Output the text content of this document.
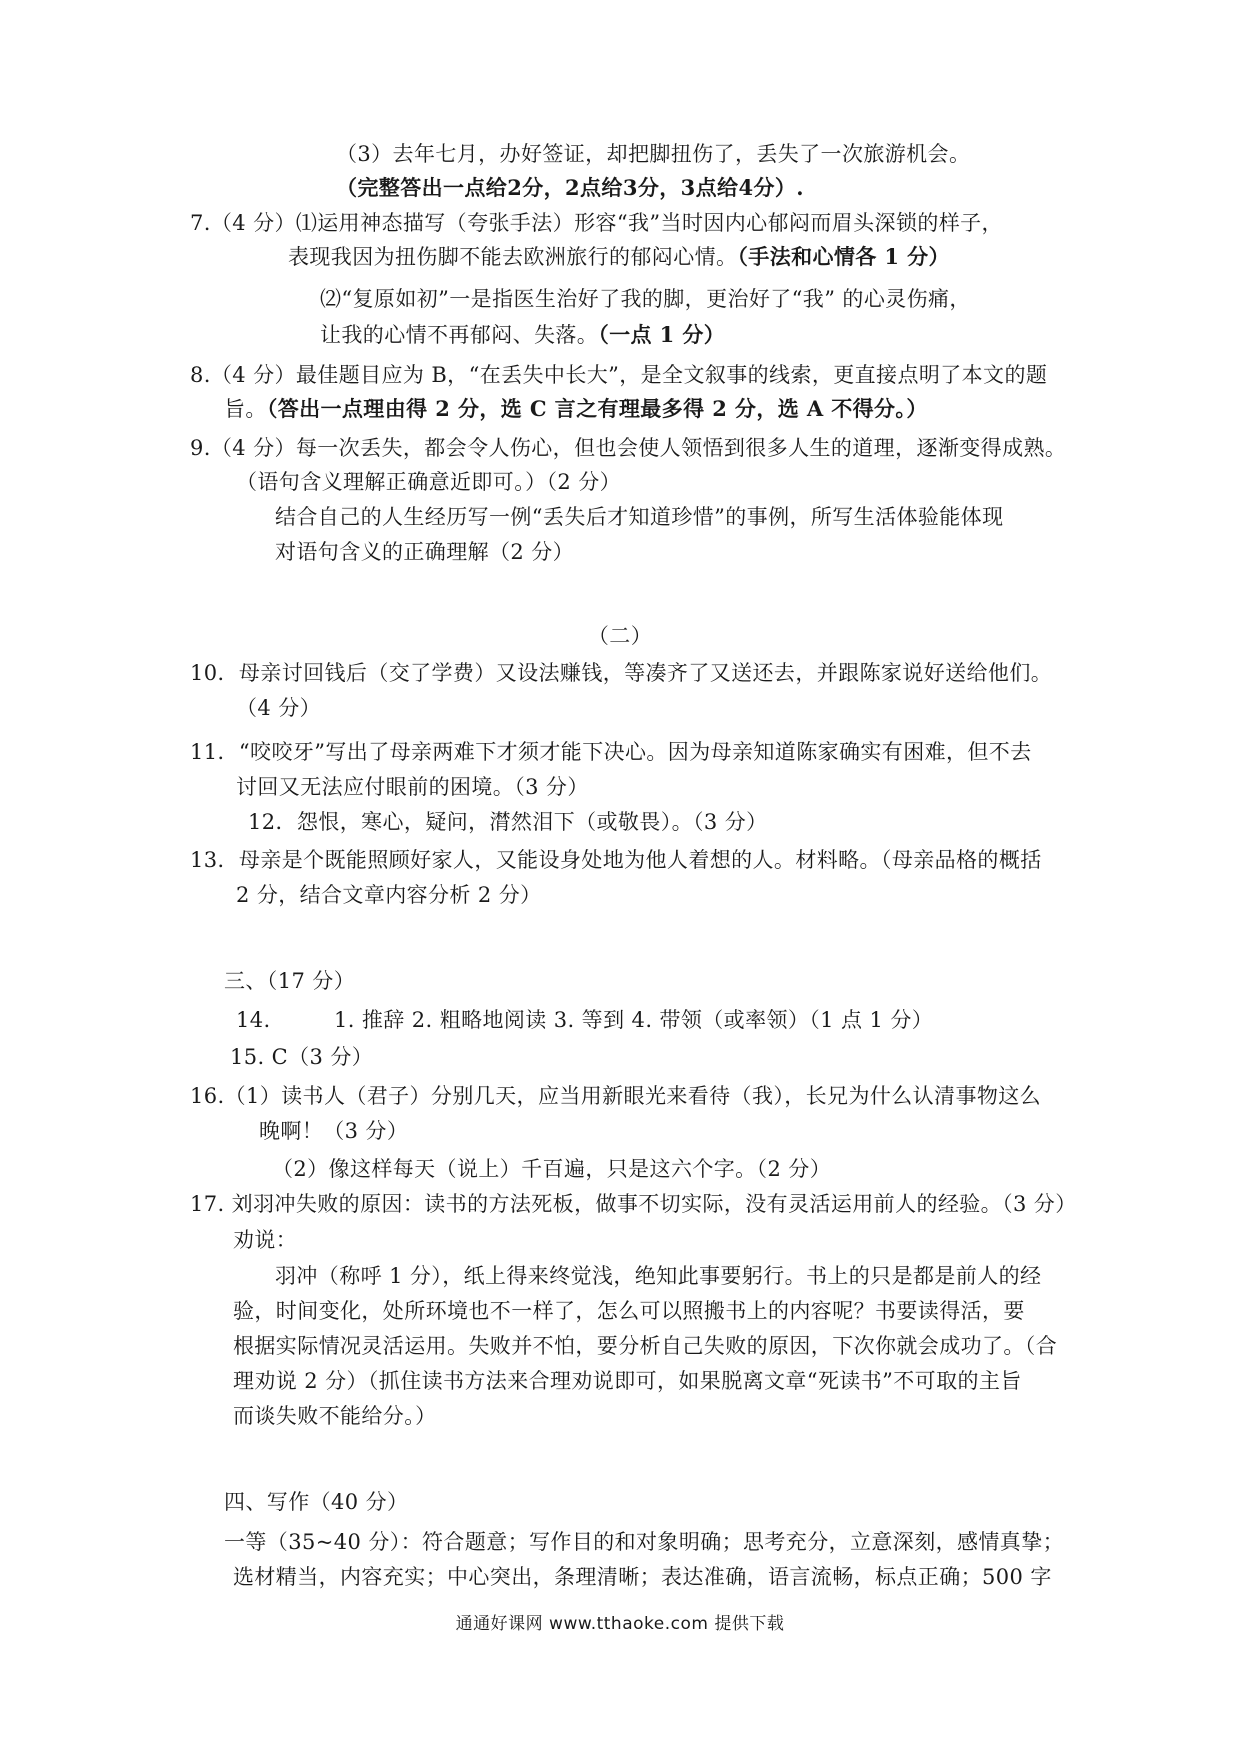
（3）去年七月，办好签证，却把脚扭伤了，丢失了一次旅游机会。
（完整答出一点给2分，2点给3分，3点给4分）.
7.（4 分）⑴运用神态描写（夸张手法）形容“我”当时因内心郁闷而眉头深锁的样子，
表现我因为扭伤脚不能去欧洲旅行的郁闷心情。（手法和心情各 1 分）
⑵“复原如初”一是指医生治好了我的脚，更治好了“我” 的心灵伤痛，
让我的心情不再郁闷、失落。（一点 1 分）
8.（4 分）最佳题目应为 B，“在丢失中长大”，是全文叙事的线索，更直接点明了本文的题
旨。（答出一点理由得 2 分，选 C 言之有理最多得 2 分，选 A 不得分。）
9.（4 分）每一次丢失，都会令人伤心，但也会使人领悟到很多人生的道理，逐渐变得成熟。
（语句含义理解正确意近即可。）（2 分）
结合自己的人生经历写一例“丢失后才知道珍惜”的事例，所写生活体验能体现
对语句含义的正确理解（2 分）
（二）
10．母亲讨回钱后（交了学费）又设法赚钱，等凑齐了又送还去，并跟陈家说好送给他们。
（4 分）
11．“咬咬牙”写出了母亲两难下才须才能下决心。因为母亲知道陈家确实有困难，但不去
讨回又无法应付眼前的困境。（3 分）
12．怨恨，寒心，疑问，潸然泪下（或敬畏）。（3 分）
13．母亲是个既能照顾好家人，又能设身处地为他人着想的人。材料略。（母亲品格的概括
2 分，结合文章内容分析 2 分）
三、（17 分）
14.	1. 推辞 2. 粗略地阅读 3. 等到 4. 带领（或率领）（1 点 1 分）
15. C（3 分）
16.（1）读书人（君子）分别几天，应当用新眼光来看待（我），长兄为什么认清事物这么
晚啊！（3 分）
（2）像这样每天（说上）千百遍，只是这六个字。（2 分）
17. 刘羽冲失败的原因：读书的方法死板，做事不切实际，没有灵活运用前人的经验。（3 分）
劝说：
羽冲（称呼 1 分），纸上得来终觉浅，绝知此事要躬行。书上的只是都是前人的经
验，时间变化，处所环境也不一样了，怎么可以照搬书上的内容呢？书要读得活，要
根据实际情况灵活运用。失败并不怕，要分析自己失败的原因，下次你就会成功了。（合
理劝说 2 分）（抓住读书方法来合理劝说即可，如果脱离文章“死读书”不可取的主旨
而谈失败不能给分。）
四、写作（40 分）
一等（35~40 分）：符合题意；写作目的和对象明确；思考充分，立意深刻，感情真挚；
选材精当，内容充实；中心突出，条理清晰；表达准确，语言流畅，标点正确；500 字
通通好课网 www.tthaoke.com 提供下载
